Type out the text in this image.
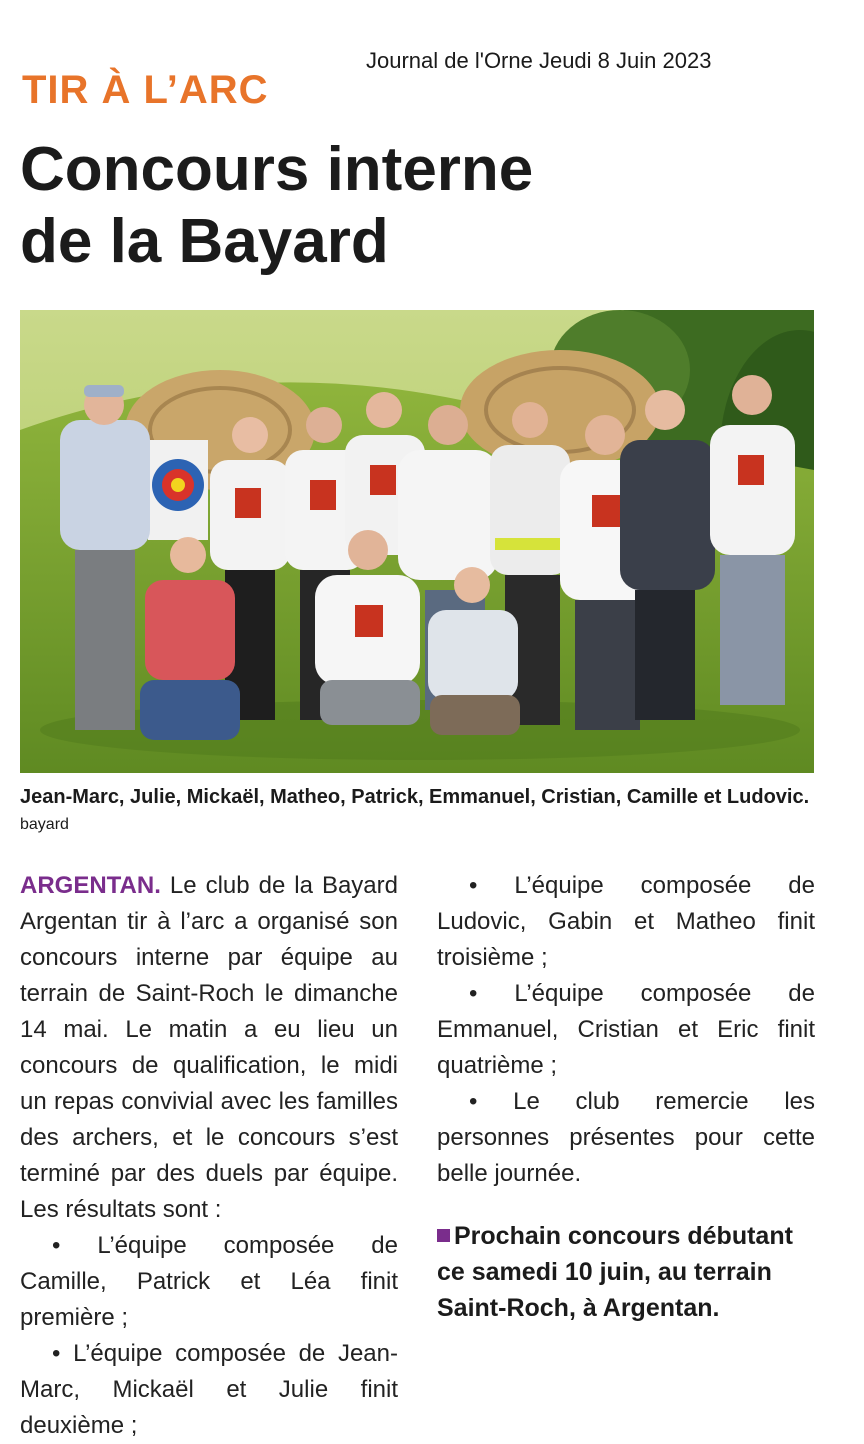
Journal de l'Orne Jeudi 8 Juin 2023
TIR À L’ARC
Concours interne
de la Bayard
Jean-Marc, Julie, Mickaël, Matheo, Patrick, Emmanuel, Cristian, Camille et Ludovic. bayard

ARGENTAN. Le club de la Bayard Argentan tir à l’arc a organisé son concours interne par équipe au terrain de Saint-Roch le dimanche 14 mai. Le matin a eu lieu un concours de qualification, le midi un repas convivial avec les familles des archers, et le concours s’est terminé par des duels par équipe. Les résultats sont :

• L’équipe composée de Camille, Patrick et Léa finit première ;

• L’équipe composée de Jean-Marc, Mickaël et Julie finit deuxième ;

• L’équipe composée de Ludovic, Gabin et Matheo finit troisième ;

• L’équipe composée de Emmanuel, Cristian et Eric finit quatrième ;

• Le club remercie les personnes présentes pour cette belle journée.

Prochain concours débutant ce samedi 10 juin, au terrain Saint-Roch, à Argentan.
